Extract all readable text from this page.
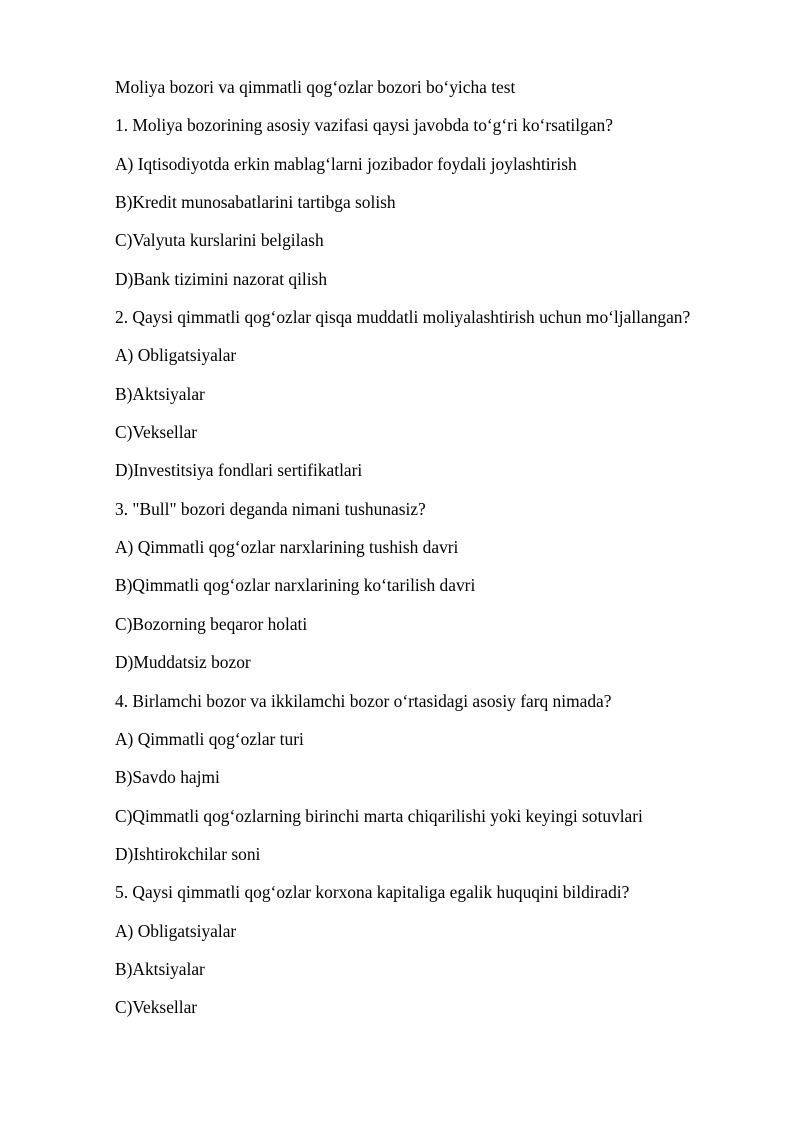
Moliya bozori va qimmatli qog‘ozlar bozori bo‘yicha test
1. Moliya bozorining asosiy vazifasi qaysi javobda to‘g‘ri ko‘rsatilgan?
A) Iqtisodiyotda erkin mablag‘larni jozibador foydali joylashtirish
B)Kredit munosabatlarini tartibga solish
C)Valyuta kurslarini belgilash
D)Bank tizimini nazorat qilish
2. Qaysi qimmatli qog‘ozlar qisqa muddatli moliyalashtirish uchun mo‘ljallangan?
A) Obligatsiyalar
B)Aktsiyalar
C)Veksellar
D)Investitsiya fondlari sertifikatlari
3. "Bull" bozori deganda nimani tushunasiz?
A) Qimmatli qog‘ozlar narxlarining tushish davri
B)Qimmatli qog‘ozlar narxlarining ko‘tarilish davri
C)Bozorning beqaror holati
D)Muddatsiz bozor
4. Birlamchi bozor va ikkilamchi bozor o‘rtasidagi asosiy farq nimada?
A) Qimmatli qog‘ozlar turi
B)Savdo hajmi
C)Qimmatli qog‘ozlarning birinchi marta chiqarilishi yoki keyingi sotuvlari
D)Ishtirokchilar soni
5. Qaysi qimmatli qog‘ozlar korxona kapitaliga egalik huquqini bildiradi?
A) Obligatsiyalar
B)Aktsiyalar
C)Veksellar
